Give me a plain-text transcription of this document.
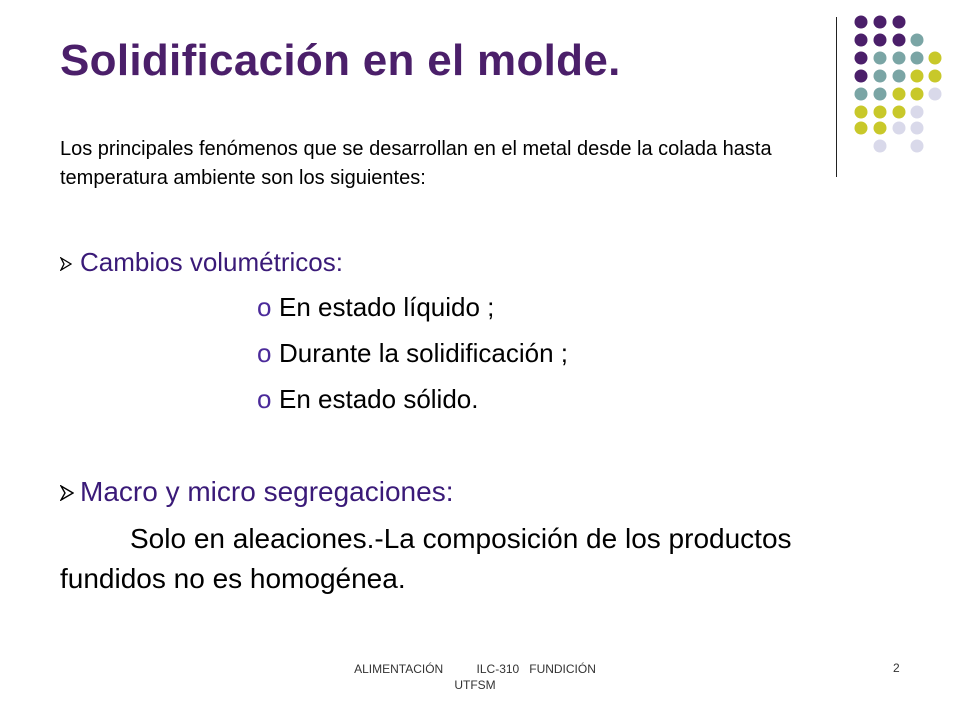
Solidificación en el molde.
Los principales fenómenos que se desarrollan en el metal desde la colada hasta temperatura ambiente son los siguientes:
Cambios volumétricos:
o En estado líquido ;
o Durante la solidificación ;
o En estado sólido.
Macro y micro segregaciones:
Solo en aleaciones.-La composición de los productos fundidos no es homogénea.
ALIMENTACIÓN          ILC-310   FUNDICIÓN
UTFSM
2
